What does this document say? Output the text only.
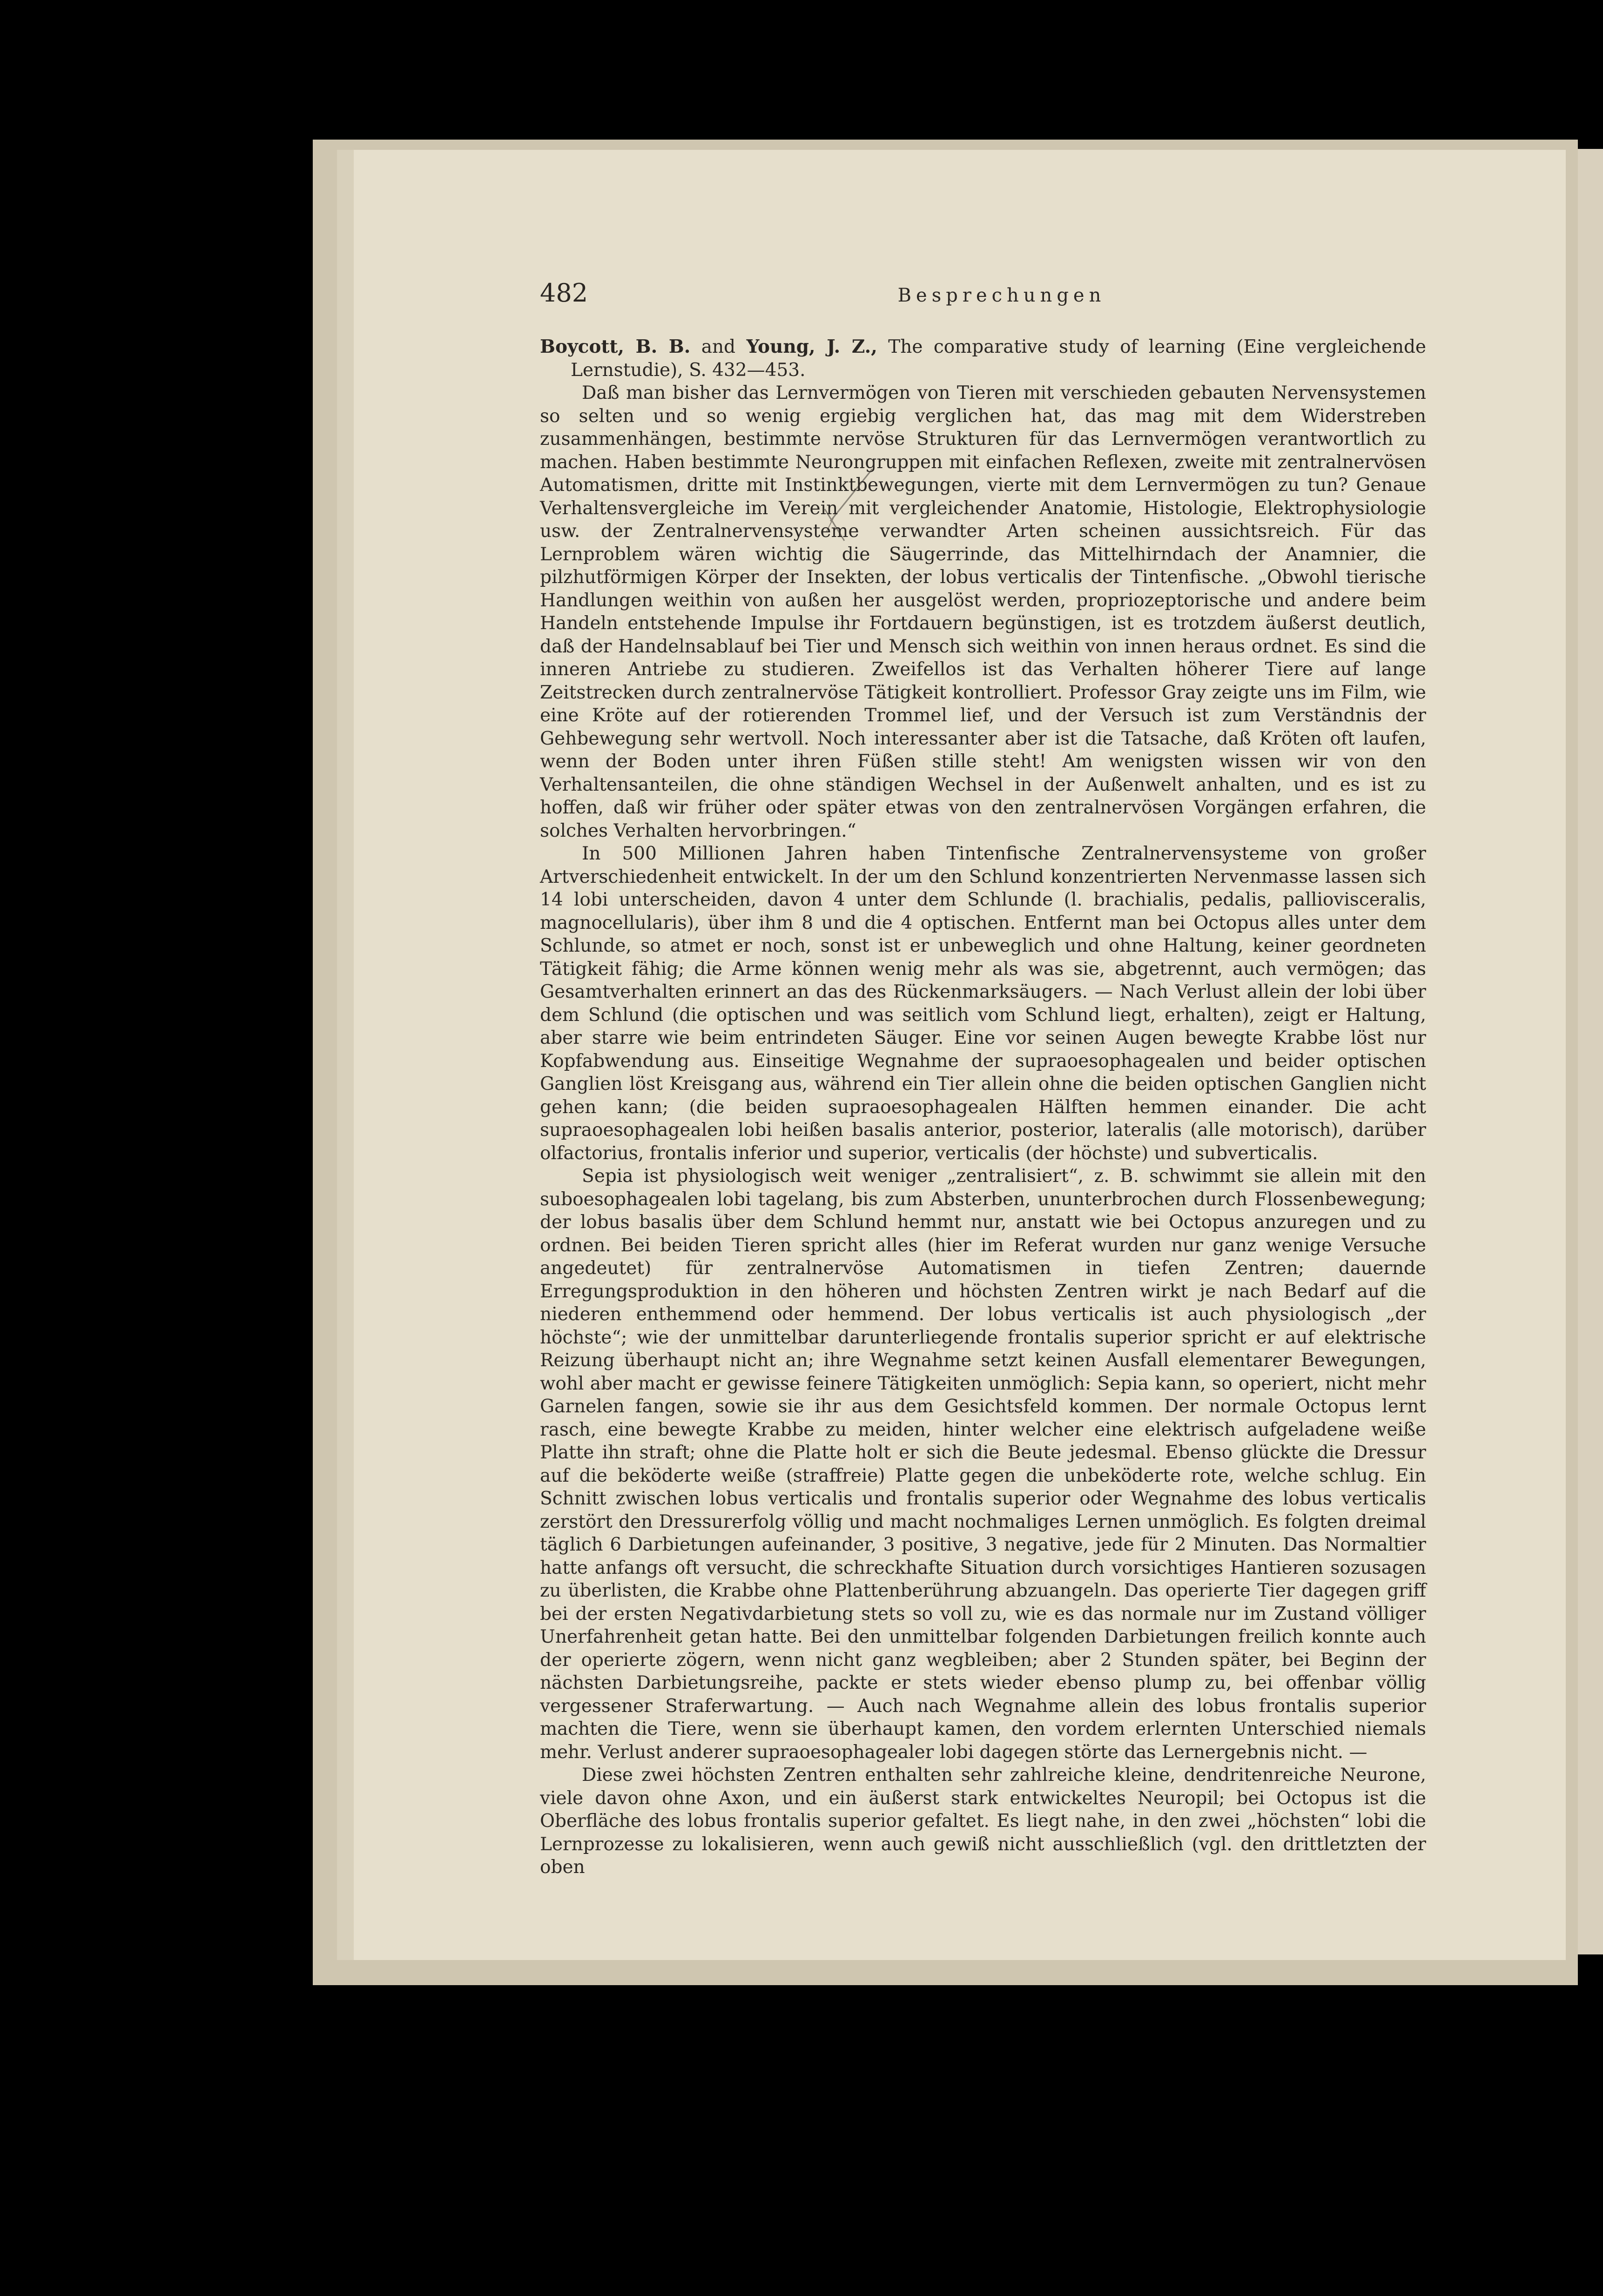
482	Besprechungen

Boycott, B. B. and Young, J. Z., The comparative study of learning (Eine vergleichende Lernstudie), S. 432—453.

Daß man bisher das Lernvermögen von Tieren mit verschieden gebauten Nervensystemen so selten und so wenig ergiebig verglichen hat, das mag mit dem Widerstreben zusammenhängen, bestimmte nervöse Strukturen für das Lernvermögen verantwortlich zu machen. Haben bestimmte Neurongruppen mit einfachen Reflexen, zweite mit zentralnervösen Automatismen, dritte mit Instinktbewegungen, vierte mit dem Lernvermögen zu tun? Genaue Verhaltensvergleiche im Verein mit vergleichender Anatomie, Histologie, Elektrophysiologie usw. der Zentralnervensysteme verwandter Arten scheinen aussichtsreich. Für das Lernproblem wären wichtig die Säugerrinde, das Mittelhirndach der Anamnier, die pilzhutförmigen Körper der Insekten, der lobus verticalis der Tintenfische. „Obwohl tierische Handlungen weithin von außen her ausgelöst werden, propriozeptorische und andere beim Handeln entstehende Impulse ihr Fortdauern begünstigen, ist es trotzdem äußerst deutlich, daß der Handelnsablauf bei Tier und Mensch sich weithin von innen heraus ordnet. Es sind die inneren Antriebe zu studieren. Zweifellos ist das Verhalten höherer Tiere auf lange Zeitstrecken durch zentralnervöse Tätigkeit kontrolliert. Professor Gray zeigte uns im Film, wie eine Kröte auf der rotierenden Trommel lief, und der Versuch ist zum Verständnis der Gehbewegung sehr wertvoll. Noch interessanter aber ist die Tatsache, daß Kröten oft laufen, wenn der Boden unter ihren Füßen stille steht! Am wenigsten wissen wir von den Verhaltensanteilen, die ohne ständigen Wechsel in der Außenwelt anhalten, und es ist zu hoffen, daß wir früher oder später etwas von den zentralnervösen Vorgängen erfahren, die solches Verhalten hervorbringen.“

In 500 Millionen Jahren haben Tintenfische Zentralnervensysteme von großer Artverschiedenheit entwickelt. In der um den Schlund konzentrierten Nervenmasse lassen sich 14 lobi unterscheiden, davon 4 unter dem Schlunde (l. brachialis, pedalis, palliovisceralis, magnocellularis), über ihm 8 und die 4 optischen. Entfernt man bei Octopus alles unter dem Schlunde, so atmet er noch, sonst ist er unbeweglich und ohne Haltung, keiner geordneten Tätigkeit fähig; die Arme können wenig mehr als was sie, abgetrennt, auch vermögen; das Gesamtverhalten erinnert an das des Rückenmarksäugers. — Nach Verlust allein der lobi über dem Schlund (die optischen und was seitlich vom Schlund liegt, erhalten), zeigt er Haltung, aber starre wie beim entrindeten Säuger. Eine vor seinen Augen bewegte Krabbe löst nur Kopfabwendung aus. Einseitige Wegnahme der supraoesophagealen und beider optischen Ganglien löst Kreisgang aus, während ein Tier allein ohne die beiden optischen Ganglien nicht gehen kann; (die beiden supraoesophagealen Hälften hemmen einander. Die acht supraoesophagealen lobi heißen basalis anterior, posterior, lateralis (alle motorisch), darüber olfactorius, frontalis inferior und superior, verticalis (der höchste) und subverticalis.

Sepia ist physiologisch weit weniger „zentralisiert“, z. B. schwimmt sie allein mit den suboesophagealen lobi tagelang, bis zum Absterben, ununterbrochen durch Flossenbewegung; der lobus basalis über dem Schlund hemmt nur, anstatt wie bei Octopus anzuregen und zu ordnen. Bei beiden Tieren spricht alles (hier im Referat wurden nur ganz wenige Versuche angedeutet) für zentralnervöse Automatismen in tiefen Zentren; dauernde Erregungsproduktion in den höheren und höchsten Zentren wirkt je nach Bedarf auf die niederen enthemmend oder hemmend. Der lobus verticalis ist auch physiologisch „der höchste“; wie der unmittelbar darunterliegende frontalis superior spricht er auf elektrische Reizung überhaupt nicht an; ihre Wegnahme setzt keinen Ausfall elementarer Bewegungen, wohl aber macht er gewisse feinere Tätigkeiten unmöglich: Sepia kann, so operiert, nicht mehr Garnelen fangen, sowie sie ihr aus dem Gesichtsfeld kommen. Der normale Octopus lernt rasch, eine bewegte Krabbe zu meiden, hinter welcher eine elektrisch aufgeladene weiße Platte ihn straft; ohne die Platte holt er sich die Beute jedesmal. Ebenso glückte die Dressur auf die beköderte weiße (straffreie) Platte gegen die unbeköderte rote, welche schlug. Ein Schnitt zwischen lobus verticalis und frontalis superior oder Wegnahme des lobus verticalis zerstört den Dressurerfolg völlig und macht nochmaliges Lernen unmöglich. Es folgten dreimal täglich 6 Darbietungen aufeinander, 3 positive, 3 negative, jede für 2 Minuten. Das Normaltier hatte anfangs oft versucht, die schreckhafte Situation durch vorsichtiges Hantieren sozusagen zu überlisten, die Krabbe ohne Plattenberührung abzuangeln. Das operierte Tier dagegen griff bei der ersten Negativdarbietung stets so voll zu, wie es das normale nur im Zustand völliger Unerfahrenheit getan hatte. Bei den unmittelbar folgenden Darbietungen freilich konnte auch der operierte zögern, wenn nicht ganz wegbleiben; aber 2 Stunden später, bei Beginn der nächsten Darbietungsreihe, packte er stets wieder ebenso plump zu, bei offenbar völlig vergessener Straferwartung. — Auch nach Wegnahme allein des lobus frontalis superior machten die Tiere, wenn sie überhaupt kamen, den vordem erlernten Unterschied niemals mehr. Verlust anderer supraoesophagealer lobi dagegen störte das Lernergebnis nicht. —

Diese zwei höchsten Zentren enthalten sehr zahlreiche kleine, dendritenreiche Neurone, viele davon ohne Axon, und ein äußerst stark entwickeltes Neuropil; bei Octopus ist die Oberfläche des lobus frontalis superior gefaltet. Es liegt nahe, in den zwei „höchsten“ lobi die Lernprozesse zu lokalisieren, wenn auch gewiß nicht ausschließlich (vgl. den drittletzten der oben
